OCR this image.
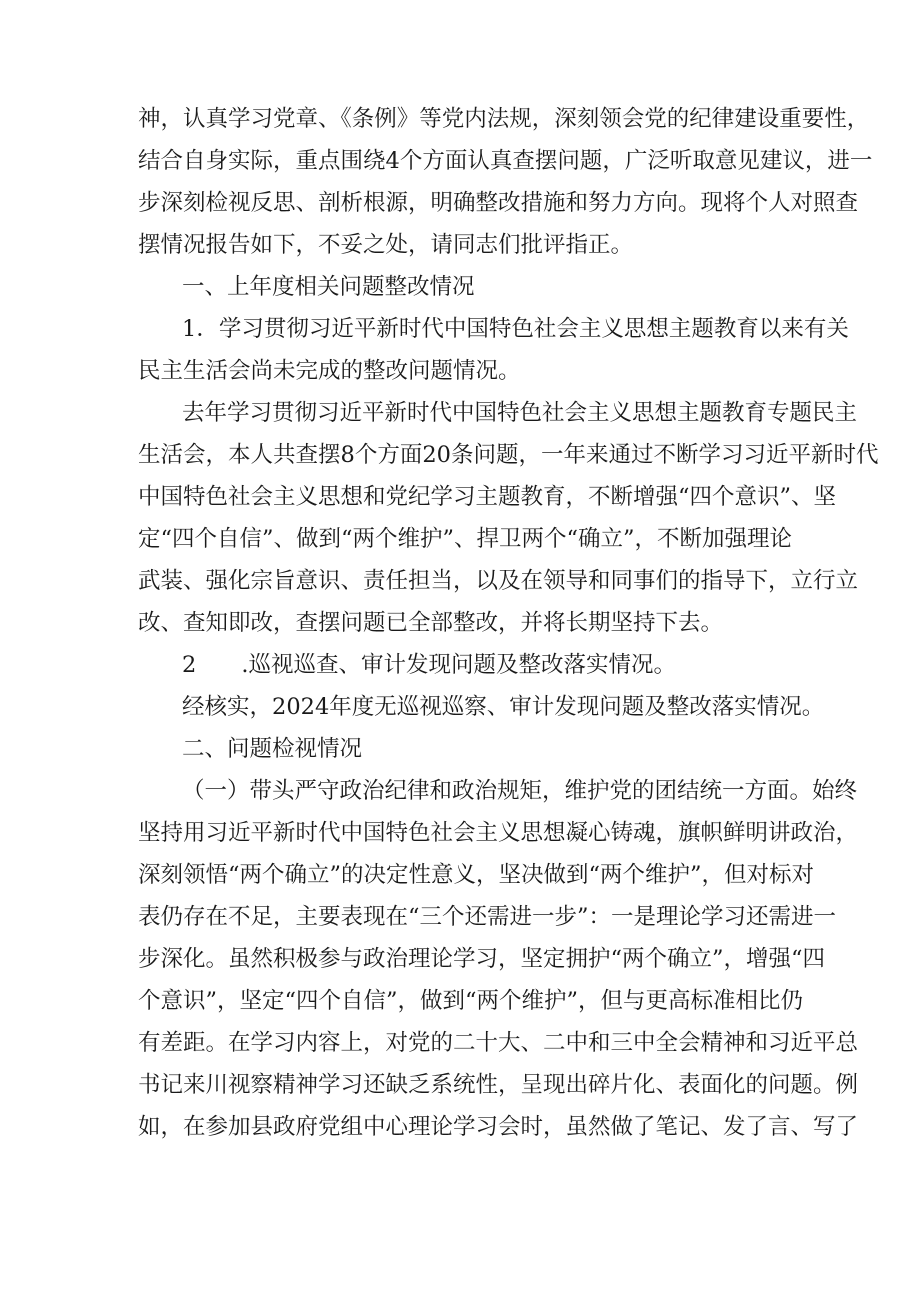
神，认真学习党章、《条例》等党内法规，深刻领会党的纪律建设重要性，
结合自身实际，重点围绕4个方面认真查摆问题，广泛听取意见建议，进一
步深刻检视反思、剖析根源，明确整改措施和努力方向。现将个人对照查
摆情况报告如下，不妥之处，请同志们批评指正。
一、上年度相关问题整改情况
1．学习贯彻习近平新时代中国特色社会主义思想主题教育以来有关
民主生活会尚未完成的整改问题情况。
去年学习贯彻习近平新时代中国特色社会主义思想主题教育专题民主
生活会，本人共查摆8个方面20条问题，一年来通过不断学习习近平新时代
中国特色社会主义思想和党纪学习主题教育，不断增强“四个意识”、坚
定“四个自信”、做到“两个维护”、捍卫两个“确立”，不断加强理论
武装、强化宗旨意识、责任担当，以及在领导和同事们的指导下，立行立
改、查知即改，查摆问题已全部整改，并将长期坚持下去。
2　　.巡视巡查、审计发现问题及整改落实情况。
经核实，2024年度无巡视巡察、审计发现问题及整改落实情况。
二、问题检视情况
（一）带头严守政治纪律和政治规矩，维护党的团结统一方面。始终
坚持用习近平新时代中国特色社会主义思想凝心铸魂，旗帜鲜明讲政治，
深刻领悟“两个确立”的决定性意义，坚决做到“两个维护”，但对标对
表仍存在不足，主要表现在“三个还需进一步”：一是理论学习还需进一
步深化。虽然积极参与政治理论学习，坚定拥护“两个确立”，增强“四
个意识”，坚定“四个自信”，做到“两个维护”，但与更高标准相比仍
有差距。在学习内容上，对党的二十大、二中和三中全会精神和习近平总
书记来川视察精神学习还缺乏系统性，呈现出碎片化、表面化的问题。例
如，在参加县政府党组中心理论学习会时，虽然做了笔记、发了言、写了
